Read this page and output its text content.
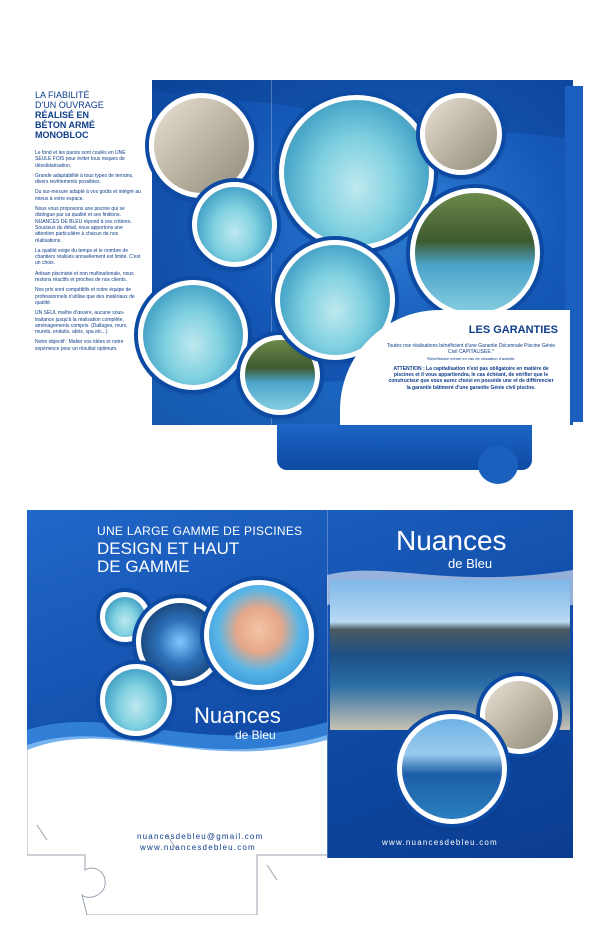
LA FIABILITÉ
D'UN OUVRAGE
RÉALISÉ EN
BÉTON ARMÉ
MONOBLOC

Le fond et les parois sont coulés en UNE SEULE FOIS pour éviter tous risques de désolidarisation.

Grande adaptabilité à tous types de terrains, divers revêtements possibles.

Du sur-mesure adapté à vos goûts et intégré au mieux à votre espace.

Nous vous proposons une piscine qui se distingue par sa qualité et ses finitions. NUANCES DE BLEU répond à ces critères. Soucieux du détail, nous apportons une attention particulière à chacun de nos réalisations.

La qualité exige du temps et le nombre de chantiers réalisés annuellement est limité. C'est un choix.

Artisan pisciniste et non multinationale, nous restons réactifs et proches de nos clients.

Nos prix sont compétitifs et notre équipe de professionnels n'utilise que des matériaux de qualité.

UN SEUL maître d'œuvre, aucune sous-traitance jusqu'à la réalisation complète, aménagements compris. (Dallages, murs, murets, enduits, abris, spa etc...)

Notre objectif : Matier vos idées et notre expérience pour un résultat optimum.

LES GARANTIES
Toutes nos réalisations bénéficient d'une Garantie Décennale Piscine Génie Civil CAPITALISEE.*
*Bénéficiaire même en cas de cessation d'activité.
ATTENTION : La capitalisation n'est pas obligatoire en matière de piscines et il vous appartiendra, le cas échéant, de vérifier que le constructeur que vous aurez choisi en possède une et de différencier la garantie bâtiment d'une garantie Génie civil piscine.
UNE LARGE GAMME DE PISCINES
DESIGN ET HAUT
DE GAMME
Nuances
de Bleu
nuancesdebleu@gmail.com
www.nuancesdebleu.com
Nuances
de Bleu
www.nuancesdebleu.com
